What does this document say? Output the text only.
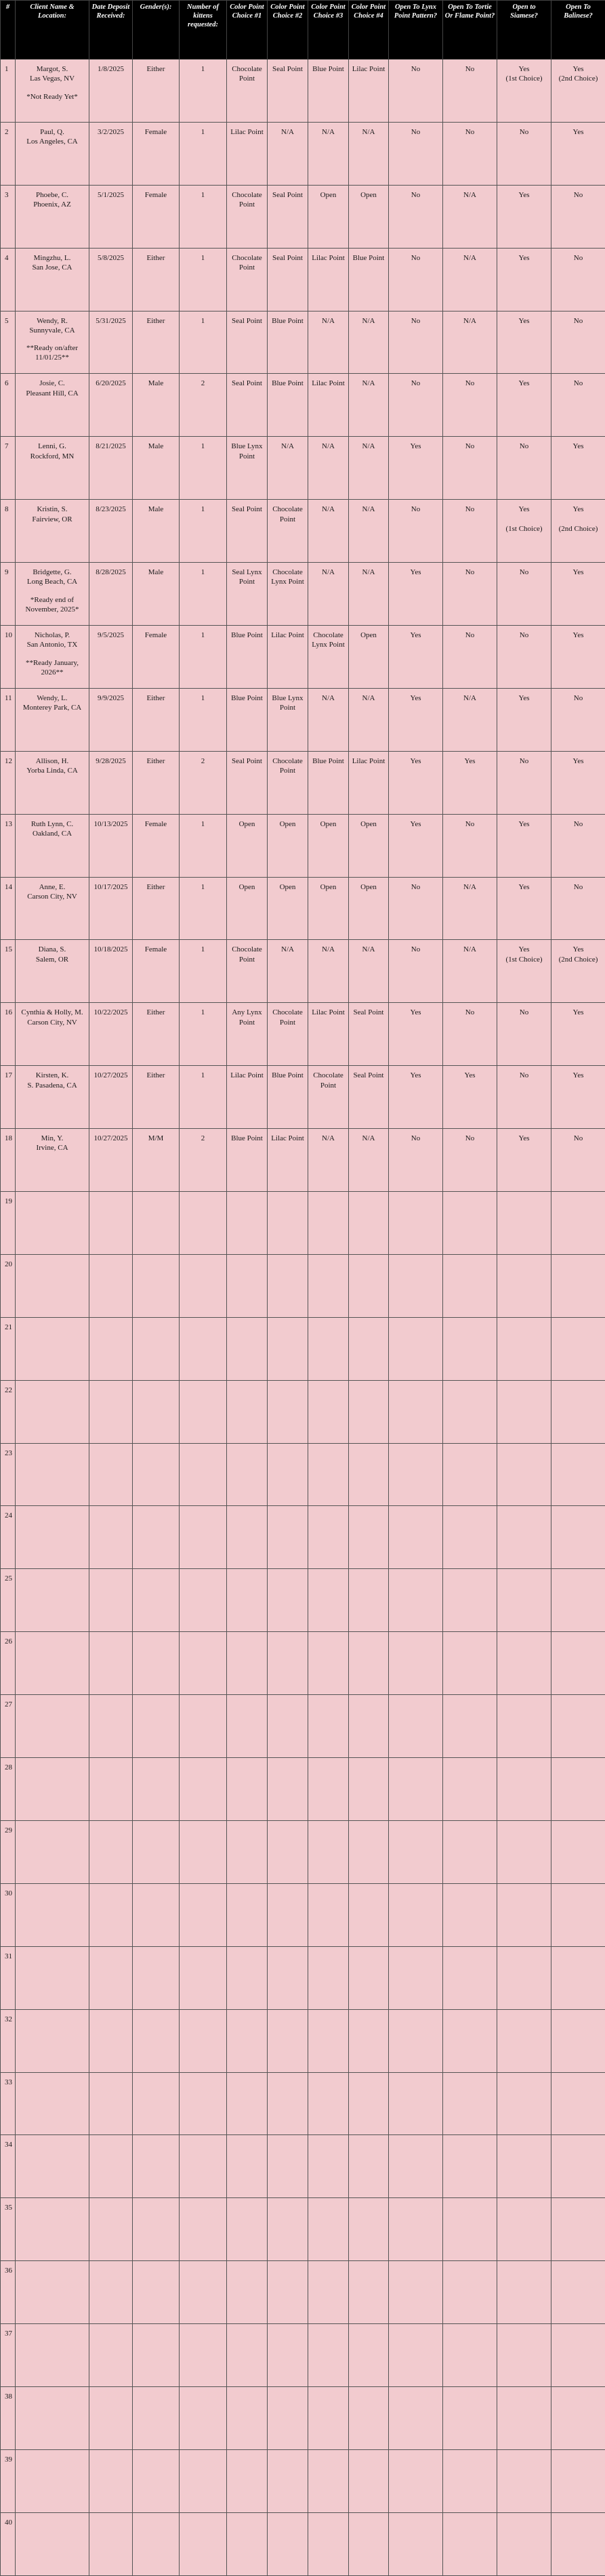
#	Client Name & Location:	Date Deposit Received:	Gender(s):	Number of kittens requested:	Color Point Choice #1	Color Point Choice #2	Color Point Choice #3	Color Point Choice #4	Open To Lynx Point Pattern?	Open To Tortie Or Flame Point?	Open to Siamese?	Open To Balinese?
1	Margot, S.
Las Vegas, NV
*Not Ready Yet*	1/8/2025	Either	1	Chocolate Point	Seal Point	Blue Point	Lilac Point	No	No	Yes
(1st Choice)	Yes
(2nd Choice)
2	Paul, Q.
Los Angeles, CA	3/2/2025	Female	1	Lilac Point	N/A	N/A	N/A	No	No	No	Yes
3	Phoebe, C.
Phoenix, AZ	5/1/2025	Female	1	Chocolate Point	Seal Point	Open	Open	No	N/A	Yes	No
4	Mingzhu, L.
San Jose, CA	5/8/2025	Either	1	Chocolate Point	Seal Point	Lilac Point	Blue Point	No	N/A	Yes	No
5	Wendy, R.
Sunnyvale, CA
**Ready on/after 11/01/25**	5/31/2025	Either	1	Seal Point	Blue Point	N/A	N/A	No	N/A	Yes	No
6	Josie, C.
Pleasant Hill, CA	6/20/2025	Male	2	Seal Point	Blue Point	Lilac Point	N/A	No	No	Yes	No
7	Lenni, G.
Rockford, MN	8/21/2025	Male	1	Blue Lynx Point	N/A	N/A	N/A	Yes	No	No	Yes
8	Kristin, S.
Fairview, OR	8/23/2025	Male	1	Seal Point	Chocolate Point	N/A	N/A	No	No	Yes

(1st Choice)	Yes

(2nd Choice)
9	Bridgette, G.
Long Beach, CA
*Ready end of November, 2025*	8/28/2025	Male	1	Seal Lynx Point	Chocolate Lynx Point	N/A	N/A	Yes	No	No	Yes
10	Nicholas, P.
San Antonio, TX
**Ready January, 2026**	9/5/2025	Female	1	Blue Point	Lilac Point	Chocolate Lynx Point	Open	Yes	No	No	Yes
11	Wendy, L.
Monterey Park, CA	9/9/2025	Either	1	Blue Point	Blue Lynx Point	N/A	N/A	Yes	N/A	Yes	No
12	Allison, H.
Yorba Linda, CA	9/28/2025	Either	2	Seal Point	Chocolate Point	Blue Point	Lilac Point	Yes	Yes	No	Yes
13	Ruth Lynn, C.
Oakland, CA	10/13/2025	Female	1	Open	Open	Open	Open	Yes	No	Yes	No
14	Anne, E.
Carson City, NV	10/17/2025	Either	1	Open	Open	Open	Open	No	N/A	Yes	No
15	Diana, S.
Salem, OR	10/18/2025	Female	1	Chocolate Point	N/A	N/A	N/A	No	N/A	Yes
(1st Choice)	Yes
(2nd Choice)
16	Cynthia & Holly, M.
Carson City, NV	10/22/2025	Either	1	Any Lynx Point	Chocolate Point	Lilac Point	Seal Point	Yes	No	No	Yes
17	Kirsten, K.
S. Pasadena, CA	10/27/2025	Either	1	Lilac Point	Blue Point	Chocolate Point	Seal Point	Yes	Yes	No	Yes
18	Min, Y.
Irvine, CA	10/27/2025	M/M	2	Blue Point	Lilac Point	N/A	N/A	No	No	Yes	No
19												
20												
21												
22												
23												
24												
25												
26												
27												
28												
29												
30												
31												
32												
33												
34												
35												
36												
37												
38												
39												
40												
